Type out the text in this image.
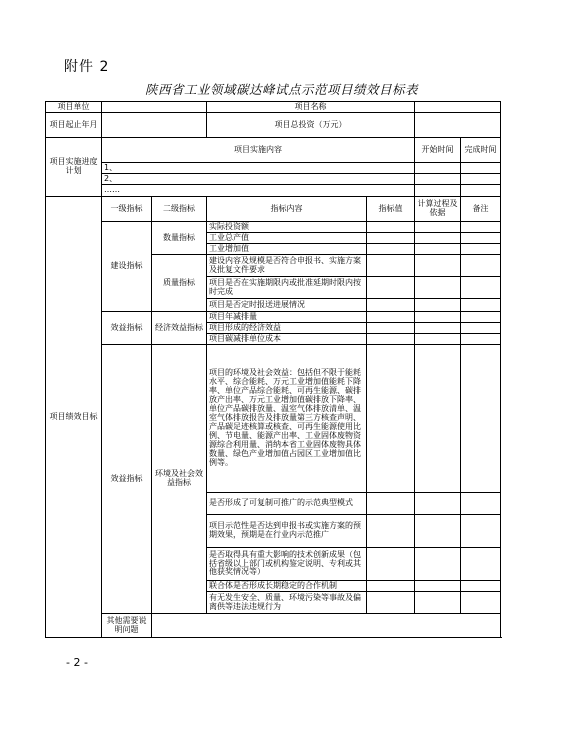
附件 2
陕西省工业领域碳达峰试点示范项目绩效目标表
项目单位			项目名称			
项目起止年月			项目总投资（万元）			
项目实施进度计划	项目实施内容				开始时间	完成时间
	1、					
	2、					
	……					
项目绩效目标	一级指标	二级指标	指标内容	指标值	计算过程及依据	备注
	建设指标	数量指标	实际投资额			
			工业总产值			
			工业增加值			
		质量指标	建设内容及规模是否符合申报书、实施方案及批复文件要求			
			项目是否在实施期限内或批准延期时限内按时完成			
			项目是否定时报送进展情况			
	效益指标	经济效益指标	项目年减排量			
			项目形成的经济效益			
			项目碳减排单位成本			
	效益指标	环境及社会效益指标	项目的环境及社会效益：包括但不限于能耗水平、综合能耗、万元工业增加值能耗下降率、单位产品综合能耗、可再生能源、碳排放产出率、万元工业增加值碳排放下降率、单位产品碳排放量、温室气体排放清单、温室气体排放报告及排放量第三方核查声明、产品碳足迹核算或核查、可再生能源使用比例、节电量、能源产出率、工业固体废物资源综合利用量、消纳本省工业固体废物具体数量、绿色产业增加值占园区工业增加值比例等。			
			是否形成了可复制可推广的示范典型模式			
			项目示范性是否达到申报书或实施方案的预期效果，预期是在行业内示范推广			
			是否取得具有重大影响的技术创新成果（包括省级以上部门或机构鉴定说明、专利或其他获奖情况等）			
			联合体是否形成长期稳定的合作机制			
			有无发生安全、质量、环境污染等事故及偏离供等违法违规行为			
	其他需要说明问题					
- 2 -
